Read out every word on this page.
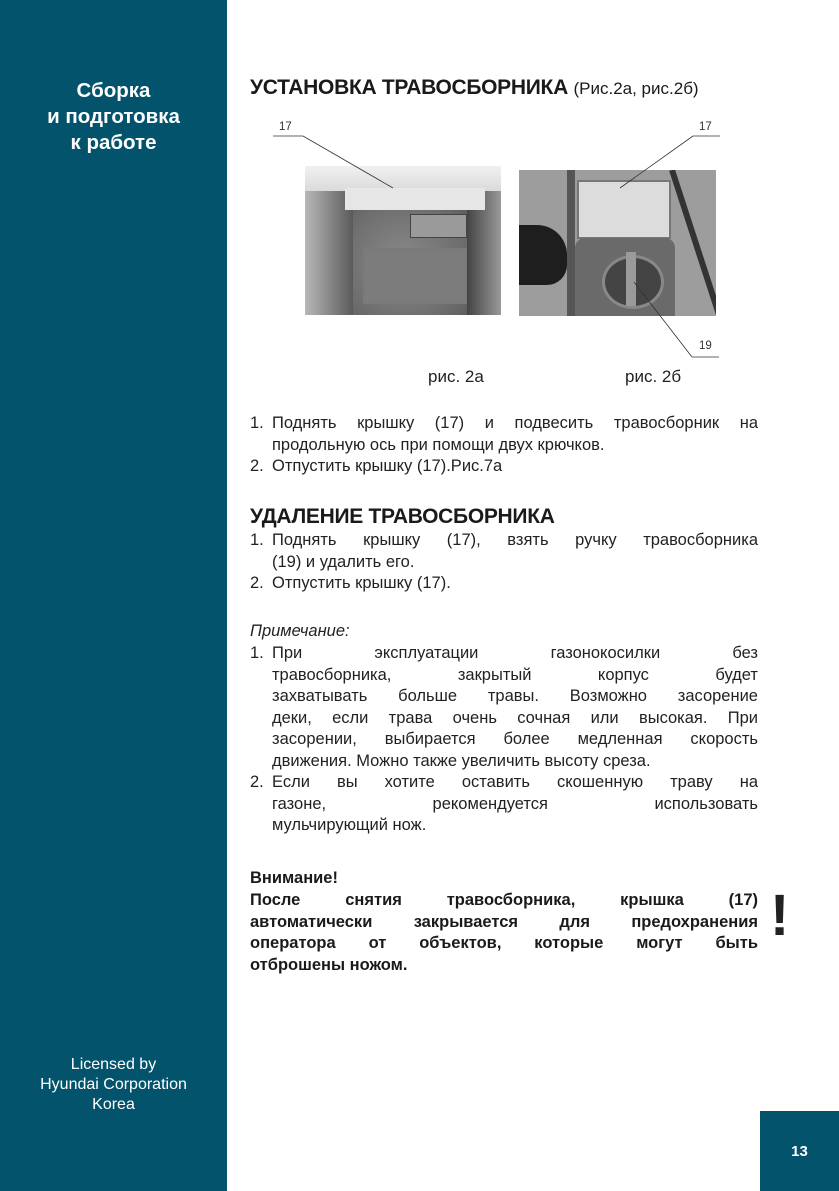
Сборка
и подготовка
к работе
Licensed by
Hyundai Corporation
Korea
УСТАНОВКА ТРАВОСБОРНИКА (Рис.2а, рис.2б)
17	17
19
рис. 2а	рис. 2б
1. Поднять крышку (17) и подвесить травосборник на
продольную ось при помощи двух крючков.
2. Отпустить крышку (17).Рис.7а
УДАЛЕНИЕ ТРАВОСБОРНИКА
1. Поднять крышку (17), взять ручку травосборника
(19) и удалить его.
2. Отпустить крышку (17).
Примечание:
1. При эксплуатации газонокосилки без
травосборника, закрытый корпус будет
захватывать больше травы. Возможно засорение
деки, если трава очень сочная или высокая. При
засорении, выбирается более медленная скорость
движения. Можно также увеличить высоту среза.
2. Если вы хотите оставить скошенную траву на
газоне, рекомендуется использовать
мульчирующий нож.
Внимание!
После снятия травосборника, крышка (17)
автоматически закрывается для предохранения
оператора от объектов, которые могут быть
отброшены ножом.
!
13
